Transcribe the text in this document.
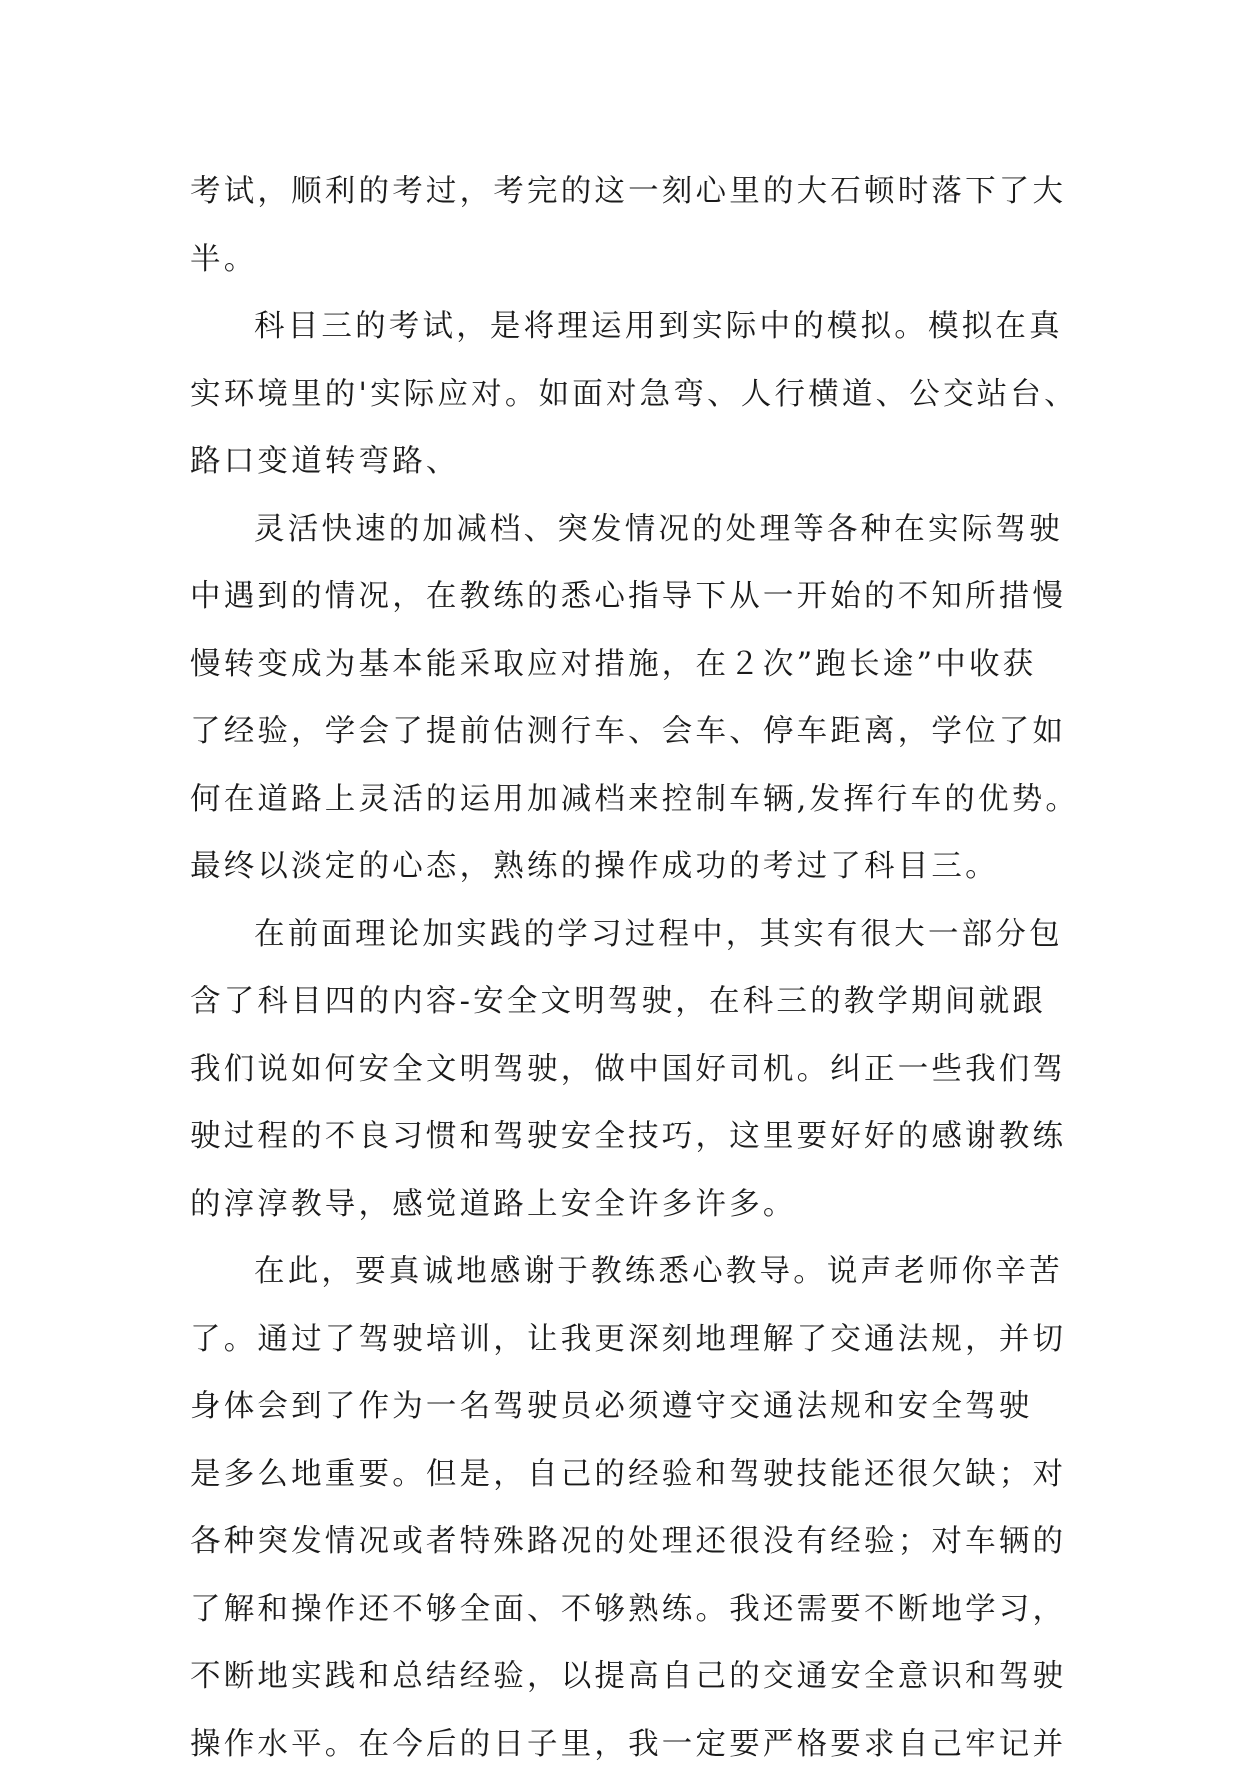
考试，顺利的考过，考完的这一刻心里的大石顿时落下了大
半。
科目三的考试，是将理运用到实际中的模拟。模拟在真
实环境里的'实际应对。如面对急弯、人行横道、公交站台、
路口变道转弯路、
灵活快速的加减档、突发情况的处理等各种在实际驾驶
中遇到的情况，在教练的悉心指导下从一开始的不知所措慢
慢转变成为基本能采取应对措施，在２次”跑长途”中收获
了经验，学会了提前估测行车、会车、停车距离，学位了如
何在道路上灵活的运用加减档来控制车辆,发挥行车的优势。
最终以淡定的心态，熟练的操作成功的考过了科目三。
在前面理论加实践的学习过程中，其实有很大一部分包
含了科目四的内容-安全文明驾驶，在科三的教学期间就跟
我们说如何安全文明驾驶，做中国好司机。纠正一些我们驾
驶过程的不良习惯和驾驶安全技巧，这里要好好的感谢教练
的淳淳教导，感觉道路上安全许多许多。
在此，要真诚地感谢于教练悉心教导。说声老师你辛苦
了。通过了驾驶培训，让我更深刻地理解了交通法规，并切
身体会到了作为一名驾驶员必须遵守交通法规和安全驾驶
是多么地重要。但是，自己的经验和驾驶技能还很欠缺；对
各种突发情况或者特殊路况的处理还很没有经验；对车辆的
了解和操作还不够全面、不够熟练。我还需要不断地学习，
不断地实践和总结经验，以提高自己的交通安全意识和驾驶
操作水平。在今后的日子里，我一定要严格要求自己牢记并
